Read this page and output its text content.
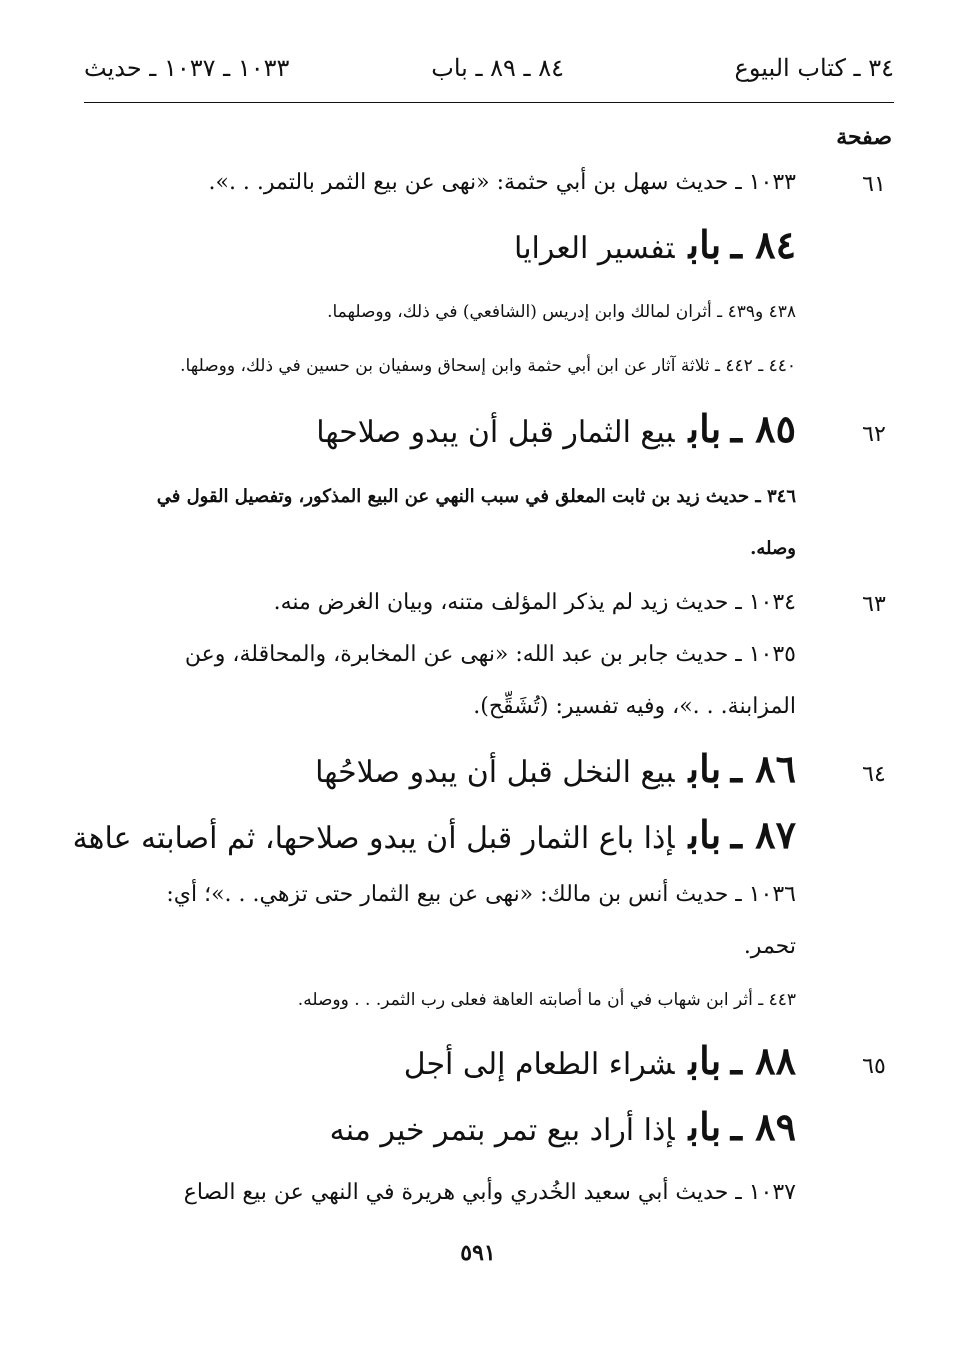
٣٤ ـ كتاب البيوع
٨٤ ـ ٨٩ ـ باب
١٠٣٣ ـ ١٠٣٧ ـ حديث
صفحة
٦١
١٠٣٣ ـ حديث سهل بن أبي حثمة: «نهى عن بيع الثمر بالتمر. . .».
٨٤ ـ بابتفسير العرايا
٤٣٨ و٤٣٩ ـ أثران لمالك وابن إدريس (الشافعي) في ذلك، ووصلهما.
٤٤٠ ـ ٤٤٢ ـ ثلاثة آثار عن ابن أبي حثمة وابن إسحاق وسفيان بن حسين في ذلك، ووصلها.
٦٢
٨٥ ـ باببيع الثمار قبل أن يبدو صلاحها
٣٤٦ ـ حديث زيد بن ثابت المعلق في سبب النهي عن البيع المذكور، وتفصيل القول في
وصله.
٦٣
١٠٣٤ ـ حديث زيد لم يذكر المؤلف متنه، وبيان الغرض منه.
١٠٣٥ ـ حديث جابر بن عبد الله: «نهى عن المخابرة، والمحاقلة، وعن
المزابنة. . .»، وفيه تفسير: (تُشَقِّح).
٦٤
٨٦ ـ باببيع النخل قبل أن يبدو صلاحُها
٨٧ ـ بابإذا باع الثمار قبل أن يبدو صلاحها، ثم أصابته عاهة
١٠٣٦ ـ حديث أنس بن مالك: «نهى عن بيع الثمار حتى تزهي. . .»؛ أي:
تحمر.
٤٤٣ ـ أثر ابن شهاب في أن ما أصابته العاهة فعلى رب الثمر. . . ووصله.
٦٥
٨٨ ـ بابشراء الطعام إلى أجل
٨٩ ـ بابإذا أراد بيع تمر بتمر خير منه
١٠٣٧ ـ حديث أبي سعيد الخُدري وأبي هريرة في النهي عن بيع الصاع
٥٩١
